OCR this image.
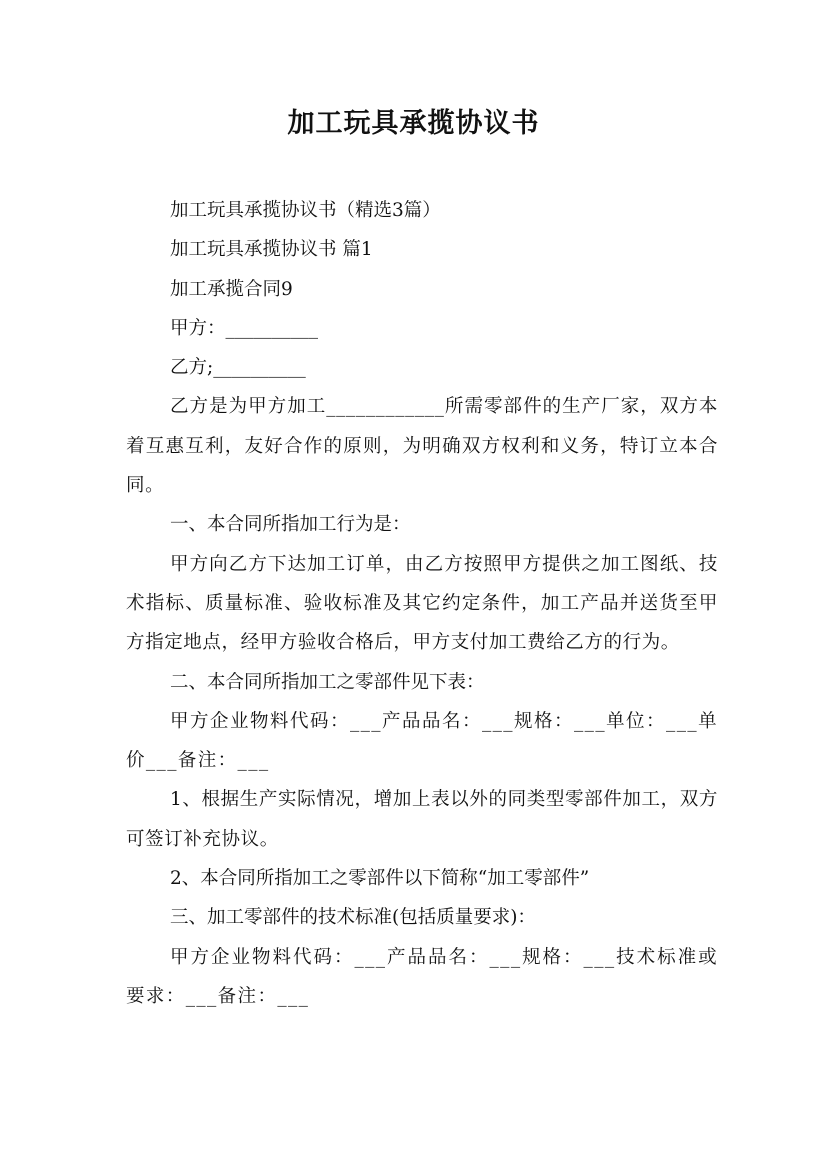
加工玩具承揽协议书

加工玩具承揽协议书（精选3篇）

加工玩具承揽协议书 篇1

加工承揽合同9

甲方：__________

乙方;__________

乙方是为甲方加工____________所需零部件的生产厂家，双方本着互惠互利，友好合作的原则，为明确双方权利和义务，特订立本合同。

一、本合同所指加工行为是：

甲方向乙方下达加工订单，由乙方按照甲方提供之加工图纸、技术指标、质量标准、验收标准及其它约定条件，加工产品并送货至甲方指定地点，经甲方验收合格后，甲方支付加工费给乙方的行为。

二、本合同所指加工之零部件见下表：

甲方企业物料代码：___产品品名：___规格：___单位：___单价___备注：___

1、根据生产实际情况，增加上表以外的同类型零部件加工，双方可签订补充协议。

2、本合同所指加工之零部件以下简称“加工零部件”

三、加工零部件的技术标准(包括质量要求)：

甲方企业物料代码：___产品品名：___规格：___技术标准或要求：___备注：___
